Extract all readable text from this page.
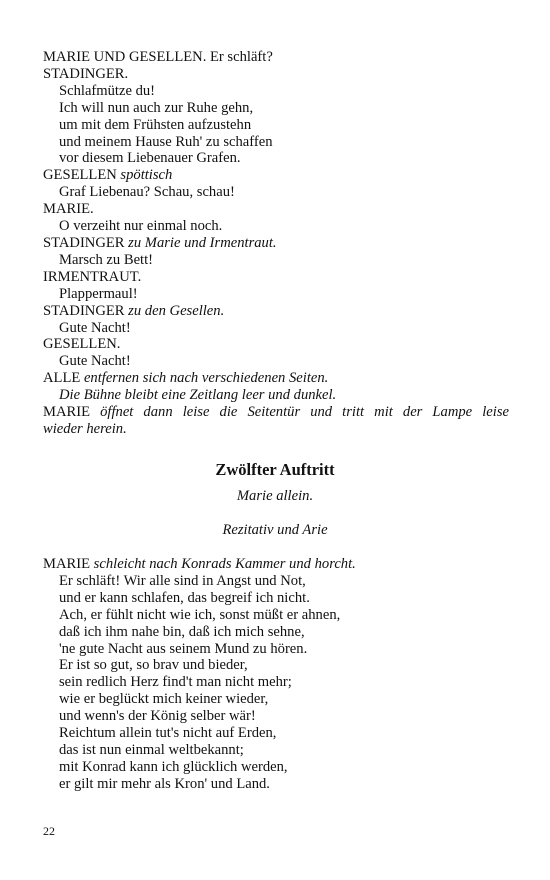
MARIE UND GESELLEN. Er schläft?
STADINGER.
Schlafmütze du!
Ich will nun auch zur Ruhe gehn,
um mit dem Frühsten aufzustehn
und meinem Hause Ruh' zu schaffen
vor diesem Liebenauer Grafen.
GESELLEN spöttisch
Graf Liebenau? Schau, schau!
MARIE.
O verzeiht nur einmal noch.
STADINGER zu Marie und Irmentraut.
Marsch zu Bett!
IRMENTRAUT.
Plappermaul!
STADINGER zu den Gesellen.
Gute Nacht!
GESELLEN.
Gute Nacht!
ALLE entfernen sich nach verschiedenen Seiten.
Die Bühne bleibt eine Zeitlang leer und dunkel.
MARIE öffnet dann leise die Seitentür und tritt mit der Lampe leise
wieder herein.
Zwölfter Auftritt
Marie allein.
Rezitativ und Arie
MARIE schleicht nach Konrads Kammer und horcht.
Er schläft! Wir alle sind in Angst und Not,
und er kann schlafen, das begreif ich nicht.
Ach, er fühlt nicht wie ich, sonst müßt er ahnen,
daß ich ihm nahe bin, daß ich mich sehne,
'ne gute Nacht aus seinem Mund zu hören.
Er ist so gut, so brav und bieder,
sein redlich Herz find't man nicht mehr;
wie er beglückt mich keiner wieder,
und wenn's der König selber wär!
Reichtum allein tut's nicht auf Erden,
das ist nun einmal weltbekannt;
mit Konrad kann ich glücklich werden,
er gilt mir mehr als Kron' und Land.
22
